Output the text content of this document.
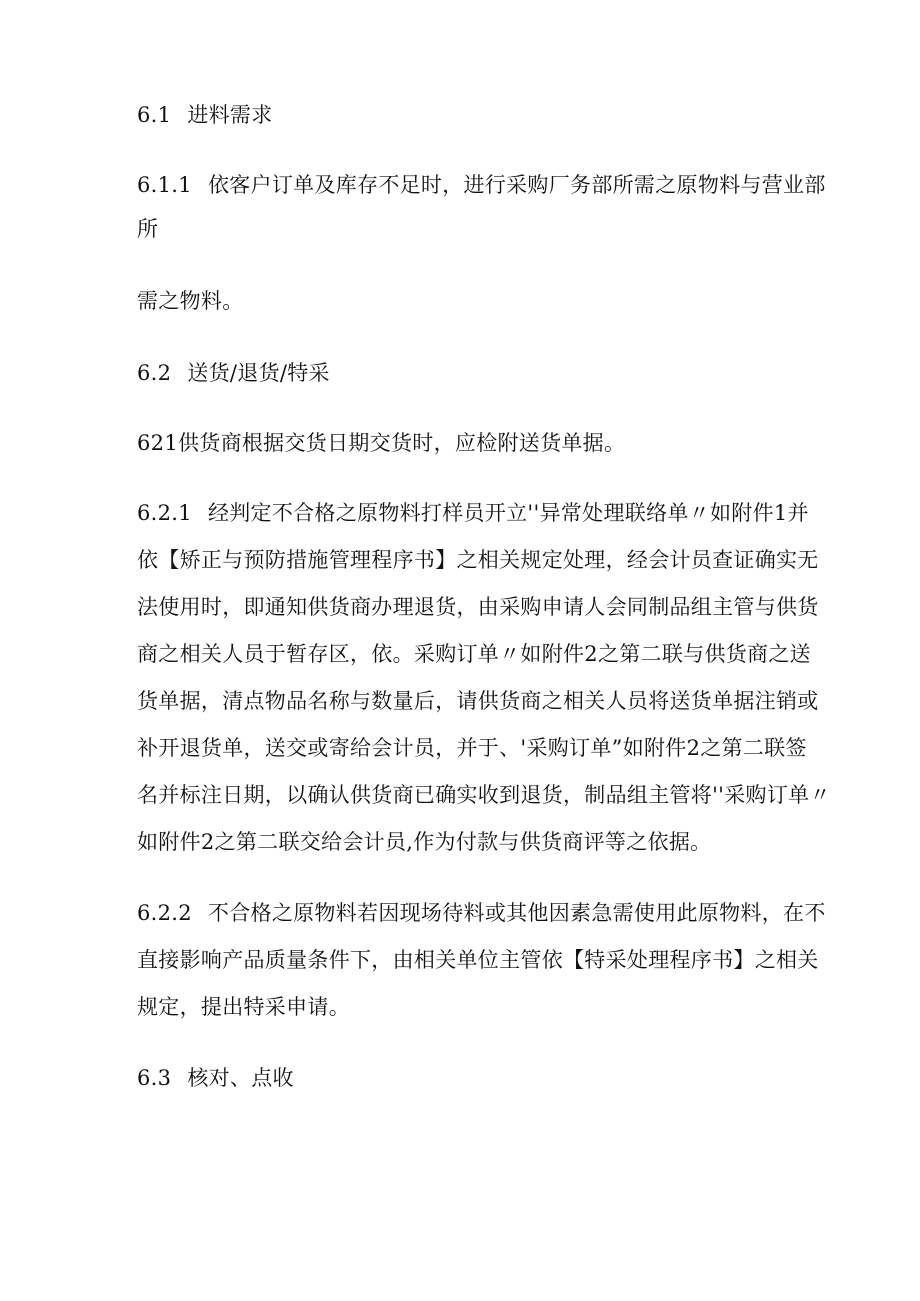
6.1 进料需求

6.1.1 依客户订单及库存不足时，进行采购厂务部所需之原物料与营业部

所

需之物料。

6.2 送货/退货/特采

621供货商根据交货日期交货时，应检附送货单据。

6.2.1 经判定不合格之原物料打样员开立''异常处理联络单〃如附件1并

依【矫正与预防措施管理程序书】之相关规定处理，经会计员查证确实无

法使用时，即通知供货商办理退货，由采购申请人会同制品组主管与供货

商之相关人员于暂存区，依。采购订单〃如附件2之第二联与供货商之送

货单据，清点物品名称与数量后，请供货商之相关人员将送货单据注销或

补开退货单，送交或寄给会计员，并于、'采购订单”如附件2之第二联签

名并标注日期，以确认供货商已确实收到退货，制品组主管将''采购订单〃

如附件2之第二联交给会计员,作为付款与供货商评等之依据。

6.2.2 不合格之原物料若因现场待料或其他因素急需使用此原物料，在不

直接影响产品质量条件下，由相关单位主管依【特采处理程序书】之相关

规定，提出特采申请。

6.3 核对、点收
